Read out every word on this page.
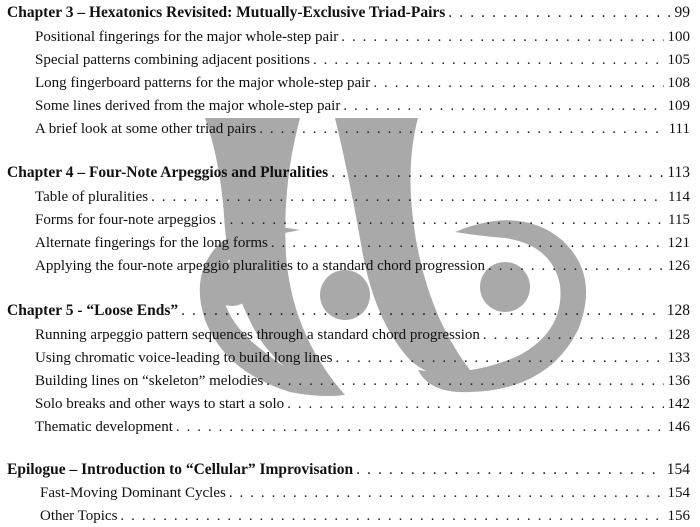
Chapter 3 – Hexatonics Revisited: Mutually-Exclusive Triad-Pairs . . .	99
Positional fingerings for the major whole-step pair . . .	100
Special patterns combining adjacent positions . . .	105
Long fingerboard patterns for the major whole-step pair . . .	108
Some lines derived from the major whole-step pair . . .	109
A brief look at some other triad pairs . . .	111
Chapter 4 – Four-Note Arpeggios and Pluralities . . .	113
Table of pluralities . . .	114
Forms for four-note arpeggios . . .	115
Alternate fingerings for the long forms . . .	121
Applying the four-note arpeggio pluralities to a standard chord progression . . .	126
Chapter 5 - “Loose Ends” . . .	128
Running arpeggio pattern sequences through a standard chord progression . . .	128
Using chromatic voice-leading to build long lines . . .	133
Building lines on “skeleton” melodies . . .	136
Solo breaks and other ways to start a solo . . .	142
Thematic development . . .	146
Epilogue – Introduction to “Cellular” Improvisation . . .	154
Fast-Moving Dominant Cycles . . .	154
Other Topics . . .	156
